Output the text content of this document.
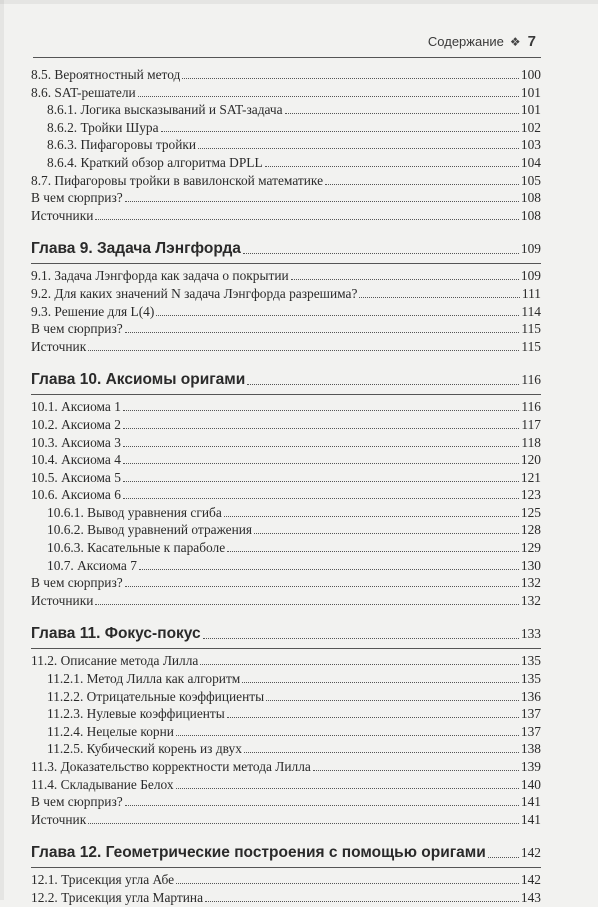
Содержание ❖ 7
8.5. Вероятностный метод	100
8.6. SAT-решатели	101
8.6.1. Логика высказываний и SAT-задача	101
8.6.2. Тройки Шура	102
8.6.3. Пифагоровы тройки	103
8.6.4. Краткий обзор алгоритма DPLL	104
8.7. Пифагоровы тройки в вавилонской математике	105
В чем сюрприз?	108
Источники	108
Глава 9. Задача Лэнгфорда	109
9.1. Задача Лэнгфорда как задача о покрытии	109
9.2. Для каких значений N задача Лэнгфорда разрешима?	111
9.3. Решение для L(4)	114
В чем сюрприз?	115
Источник	115
Глава 10. Аксиомы оригами	116
10.1. Аксиома 1	116
10.2. Аксиома 2	117
10.3. Аксиома 3	118
10.4. Аксиома 4	120
10.5. Аксиома 5	121
10.6. Аксиома 6	123
10.6.1. Вывод уравнения сгиба	125
10.6.2. Вывод уравнений отражения	128
10.6.3. Касательные к параболе	129
10.7. Аксиома 7	130
В чем сюрприз?	132
Источники	132
Глава 11. Фокус-покус	133
11.2. Описание метода Лилла	135
11.2.1. Метод Лилла как алгоритм	135
11.2.2. Отрицательные коэффициенты	136
11.2.3. Нулевые коэффициенты	137
11.2.4. Нецелые корни	137
11.2.5. Кубический корень из двух	138
11.3. Доказательство корректности метода Лилла	139
11.4. Складывание Белох	140
В чем сюрприз?	141
Источник	141
Глава 12. Геометрические построения с помощью оригами	142
12.1. Трисекция угла Абе	142
12.2. Трисекция угла Мартина	143
